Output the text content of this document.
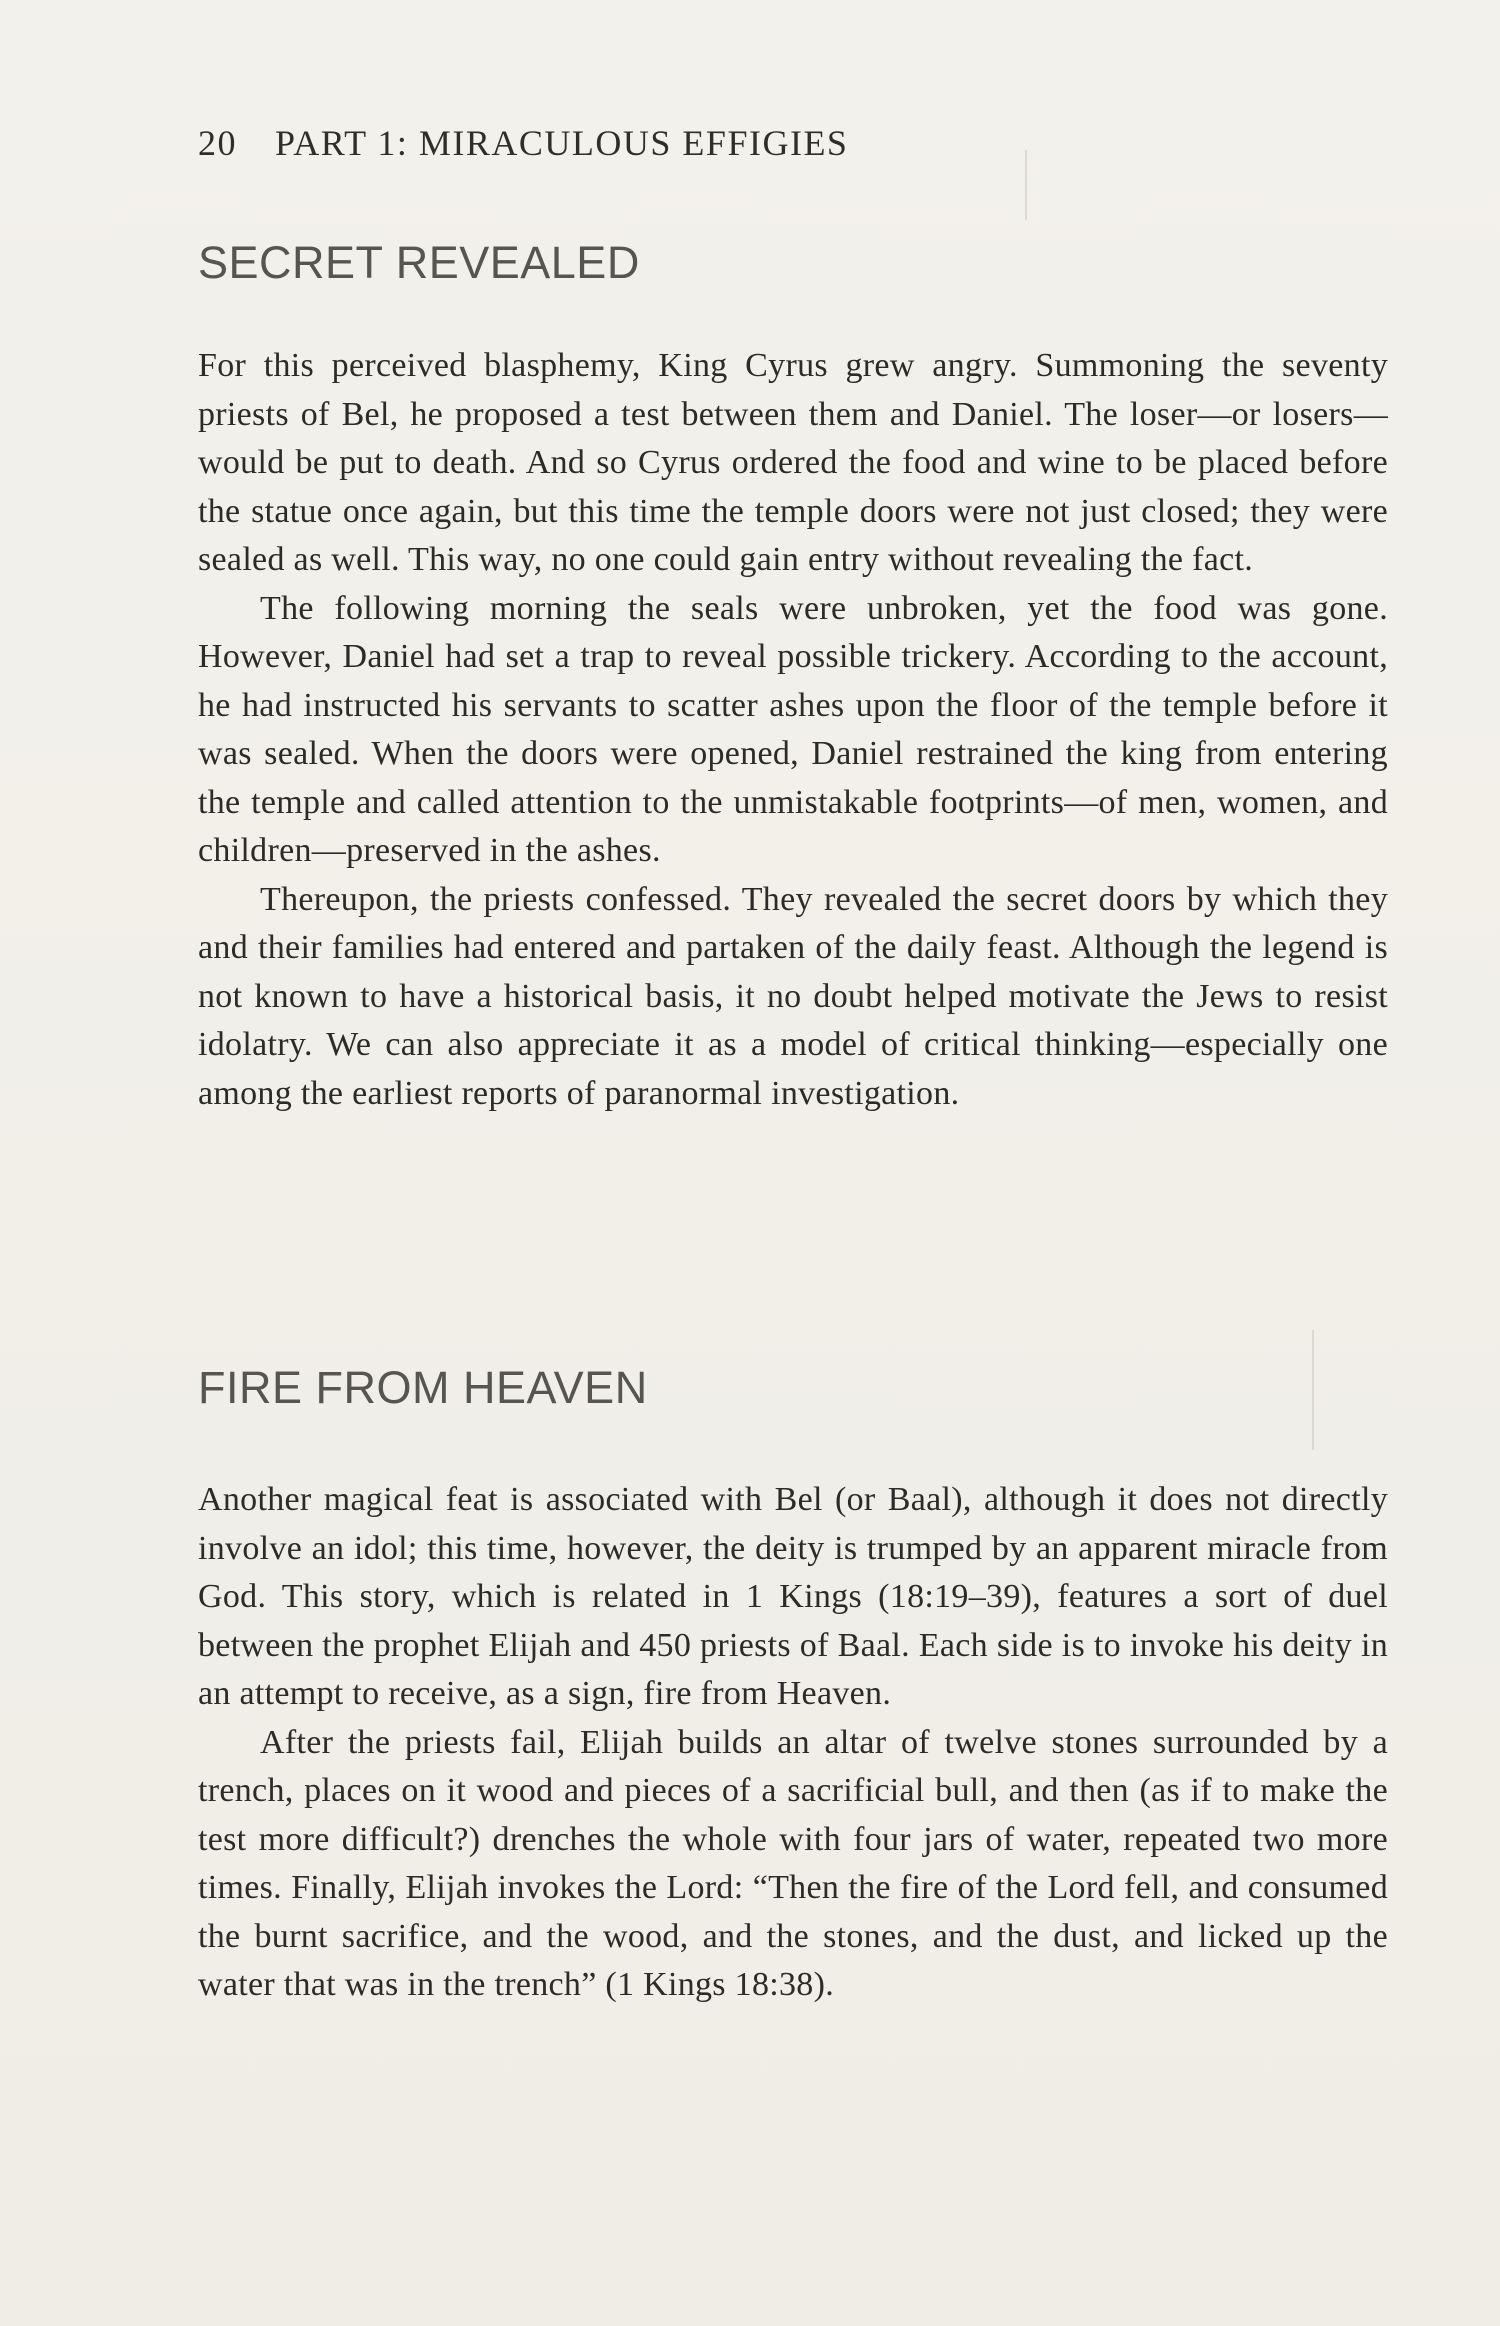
20 PART 1: MIRACULOUS EFFIGIES
SECRET REVEALED

For this perceived blasphemy, King Cyrus grew angry. Summoning the seventy priests of Bel, he proposed a test between them and Daniel. The loser—or losers—would be put to death. And so Cyrus ordered the food and wine to be placed before the statue once again, but this time the temple doors were not just closed; they were sealed as well. This way, no one could gain entry without revealing the fact.

The following morning the seals were unbroken, yet the food was gone. However, Daniel had set a trap to reveal possible trickery. According to the account, he had instructed his servants to scatter ashes upon the floor of the temple before it was sealed. When the doors were opened, Daniel restrained the king from entering the temple and called attention to the unmistakable footprints—of men, women, and children—preserved in the ashes.

Thereupon, the priests confessed. They revealed the secret doors by which they and their families had entered and partaken of the daily feast. Although the legend is not known to have a historical basis, it no doubt helped motivate the Jews to resist idolatry. We can also appreciate it as a model of critical thinking—especially one among the earliest reports of paranormal investigation.

FIRE FROM HEAVEN

Another magical feat is associated with Bel (or Baal), although it does not directly involve an idol; this time, however, the deity is trumped by an apparent miracle from God. This story, which is related in 1 Kings (18:19–39), features a sort of duel between the prophet Elijah and 450 priests of Baal. Each side is to invoke his deity in an attempt to receive, as a sign, fire from Heaven.

After the priests fail, Elijah builds an altar of twelve stones surrounded by a trench, places on it wood and pieces of a sacrificial bull, and then (as if to make the test more difficult?) drenches the whole with four jars of water, repeated two more times. Finally, Elijah invokes the Lord: “Then the fire of the Lord fell, and consumed the burnt sacrifice, and the wood, and the stones, and the dust, and licked up the water that was in the trench” (1 Kings 18:38).
